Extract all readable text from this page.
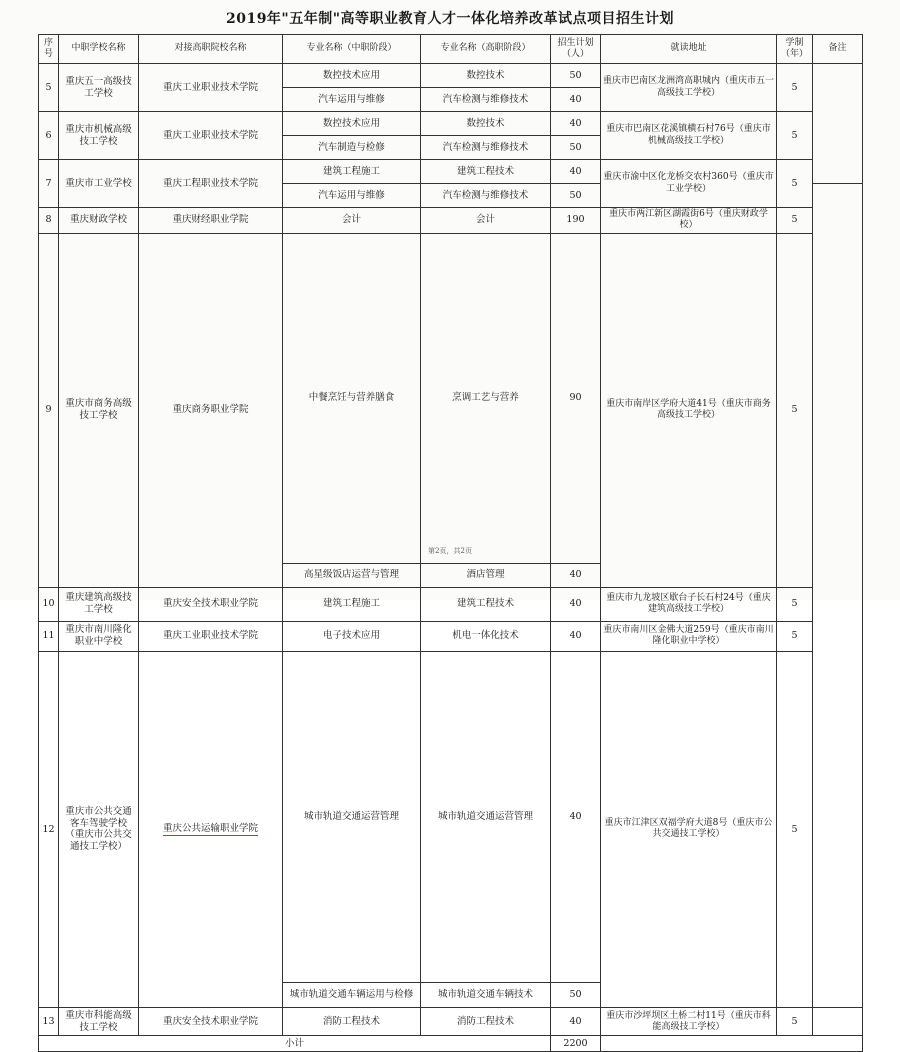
2019年"五年制"高等职业教育人才一体化培养改革试点项目招生计划
序号	中职学校名称	对接高职院校名称	专业名称（中职阶段）	专业名称（高职阶段）	招生计划（人）	就读地址	学制（年）	备注	
5	重庆五一高级技工学校	重庆工业职业技术学院	数控技术应用	数控技术	50	重庆市巴南区龙洲湾高职城内（重庆市五一高级技工学校）	5		
			汽车运用与维修	汽车检测与维修技术	40				
6	重庆市机械高级技工学校	重庆工业职业技术学院	数控技术应用	数控技术	40	重庆市巴南区花溪镇横石村76号（重庆市机械高级技工学校）	5		
			汽车制造与检修	汽车检测与维修技术	50				
7	重庆市工业学校	重庆工程职业技术学院	建筑工程施工	建筑工程技术	40	重庆市渝中区化龙桥交农村360号（重庆市工业学校）	5	
			汽车运用与维修	汽车检测与维修技术	50				
8	重庆财政学校	重庆财经职业学院	会计	会计	190	重庆市两江新区湖霞街6号（重庆财政学校）	5		
9	重庆市商务高级技工学校	重庆商务职业学院	中餐烹饪与营养膳食	烹调工艺与营养	90	重庆市南岸区学府大道41号（重庆市商务高级技工学校）	5		
			高星级饭店运营与管理	酒店管理	40				
10	重庆建筑高级技工学校	重庆安全技术职业学院	建筑工程施工	建筑工程技术	40	重庆市九龙坡区歇台子长石村24号（重庆建筑高级技工学校）	5		
11	重庆市南川隆化职业中学校	重庆工业职业技术学院	电子技术应用	机电一体化技术	40	重庆市南川区金佛大道259号（重庆市南川隆化职业中学校）	5		
12	重庆市公共交通客车驾驶学校（重庆市公共交通技工学校）	重庆公共运输职业学院	城市轨道交通运营管理	城市轨道交通运营管理	40	重庆市江津区双福学府大道8号（重庆市公共交通技工学校）	5		
			城市轨道交通车辆运用与检修	城市轨道交通车辆技术	50				
13	重庆市科能高级技工学校	重庆安全技术职业学院	消防工程技术	消防工程技术	40	重庆市沙坪坝区土桥二村11号（重庆市科能高级技工学校）	5		
小计					2200				
第2页，共2页
